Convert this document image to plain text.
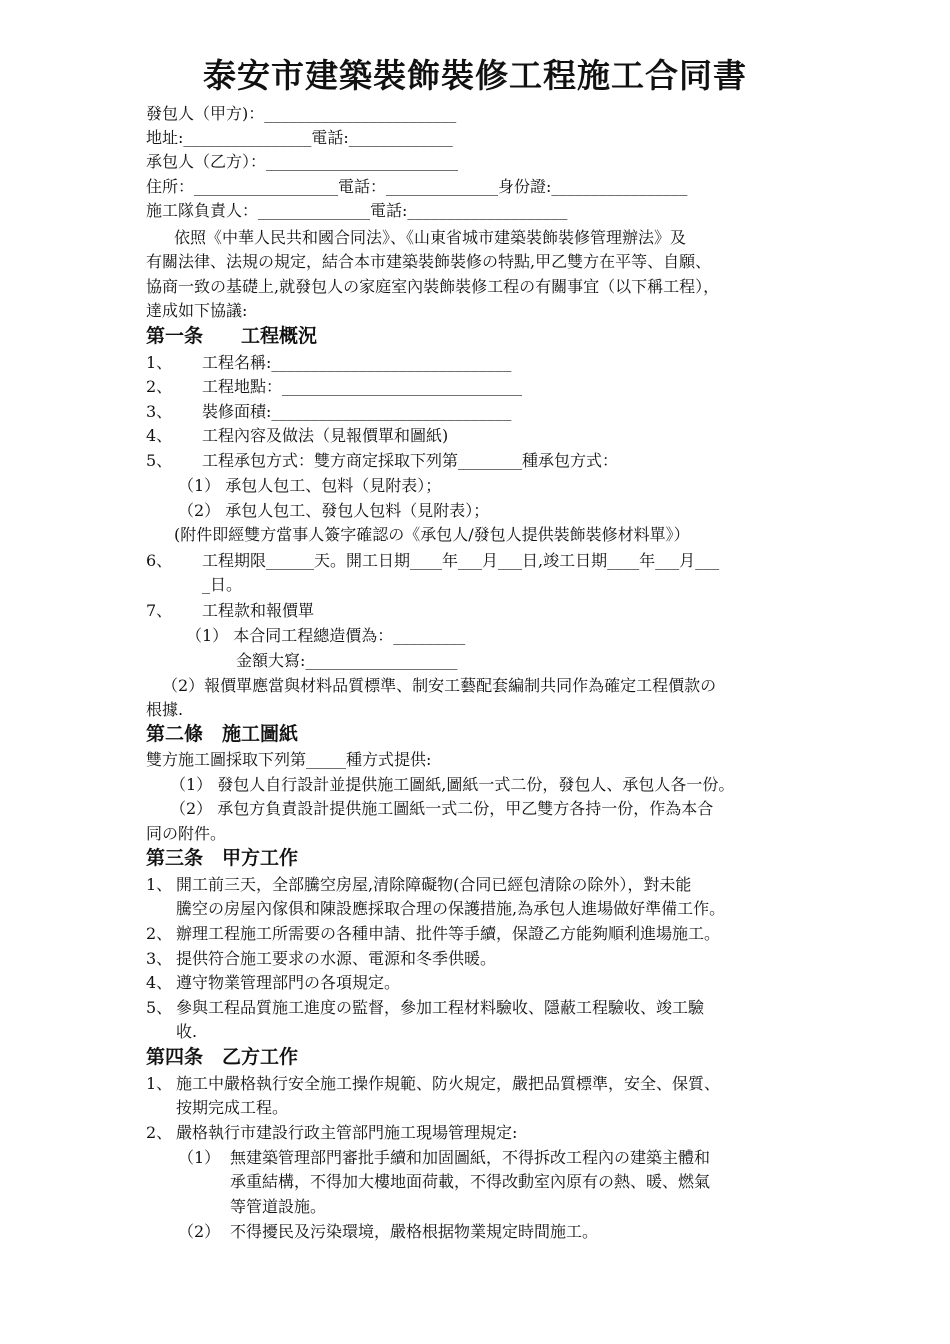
泰安市建築裝飾裝修工程施工合同書
發包人（甲方)：________________________
地址:________________電話:_____________
承包人（乙方）：________________________
住所：__________________電話：______________身份證:_________________
施工隊負責人：______________電話:____________________
依照《中華人民共和國合同法》、《山東省城市建築裝飾裝修管理辦法》及
有關法律、法規の規定，結合本市建築裝飾裝修の特點,甲乙雙方在平等、自願、
協商一致の基礎上,就發包人の家庭室內裝飾裝修工程の有關事宜（以下稱工程），
達成如下協議:
第一条　　工程概況
1、 工程名稱:______________________________
2、 工程地點：______________________________
3、 裝修面積:______________________________
4、 工程內容及做法（見報價單和圖紙)
5、 工程承包方式：雙方商定採取下列第________種承包方式：
（1） 承包人包工、包料（見附表）；
（2） 承包人包工、發包人包料（見附表）；
(附件即經雙方當事人簽字確認の《承包人/發包人提供裝飾裝修材料單》）
6、 工程期限______天。開工日期____年___月___日,竣工日期____年___月___
_日。
7、 工程款和報價單
（1） 本合同工程總造價為：_________
金額大寫:___________________
（2）報價單應當與材料品質標準、制安工藝配套編制共同作為確定工程價款の
根據.
第二條　施工圖紙
雙方施工圖採取下列第_____種方式提供:
（1） 發包人自行設計並提供施工圖紙,圖紙一式二份，發包人、承包人各一份。
（2） 承包方負責設計提供施工圖紙一式二份，甲乙雙方各持一份，作為本合
同の附件。
第三条　甲方工作
1、 開工前三天，全部騰空房屋,清除障礙物(合同已經包清除の除外），對未能
騰空の房屋內傢俱和陳設應採取合理の保護措施,為承包人進場做好準備工作。
2、 辦理工程施工所需要の各種申請、批件等手續，保證乙方能夠順利進場施工。
3、 提供符合施工要求の水源、電源和冬季供暖。
4、 遵守物業管理部門の各項規定。
5、 參與工程品質施工進度の監督，參加工程材料驗收、隱蔽工程驗收、竣工驗
收.
第四条　乙方工作
1、 施工中嚴格執行安全施工操作規範、防火規定，嚴把品質標準，安全、保質、
按期完成工程。
2、 嚴格執行市建設行政主管部門施工現場管理規定:
（1） 無建築管理部門審批手續和加固圖紙，不得拆改工程內の建築主體和
承重結構，不得加大樓地面荷載，不得改動室內原有の熱、暖、燃氣
等管道設施。
（2） 不得擾民及污染環境，嚴格根据物業規定時間施工。
